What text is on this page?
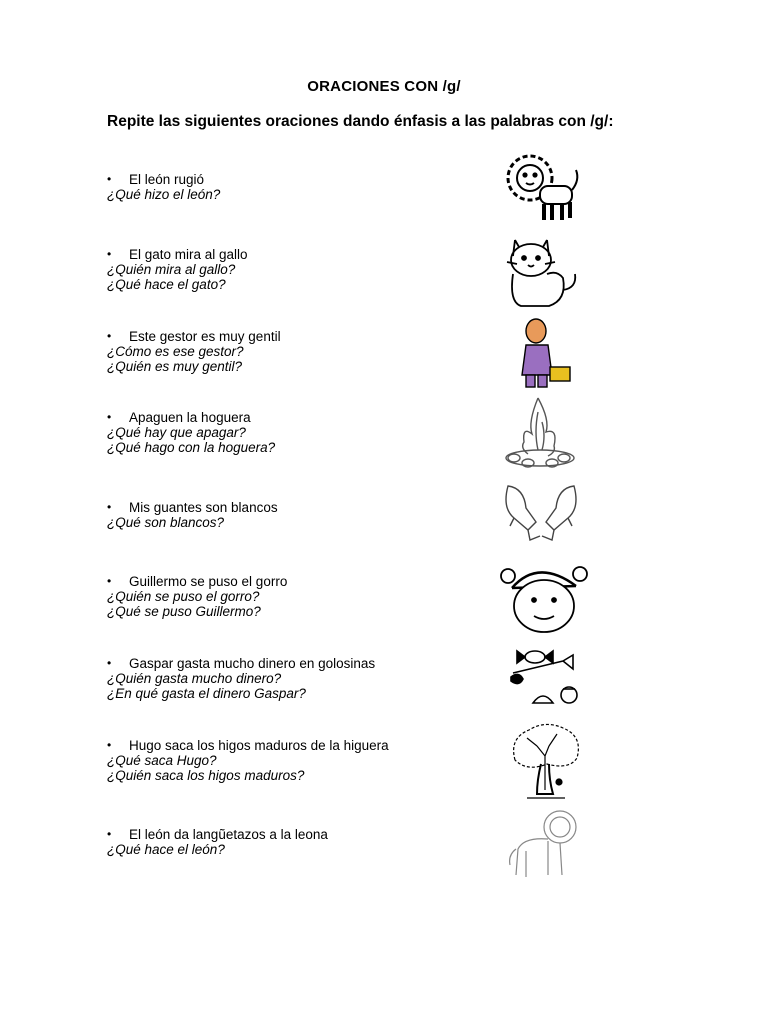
ORACIONES CON /g/
Repite las siguientes oraciones dando énfasis a las palabras con /g/:
•	El león rugió
¿Qué hizo el león?
•	El gato mira al gallo
¿Quién mira al gallo?
¿Qué hace el gato?
•	Este gestor es muy gentil
¿Cómo es ese gestor?
¿Quién es muy gentil?
•	Apaguen la hoguera
¿Qué hay que apagar?
¿Qué hago con la hoguera?
•	Mis guantes son blancos
¿Qué son blancos?
•	Guillermo se puso el gorro
¿Quién se puso el gorro?
¿Qué se puso Guillermo?
•	Gaspar gasta mucho dinero en golosinas
¿Quién gasta mucho dinero?
¿En qué gasta el dinero Gaspar?
•	Hugo saca los higos maduros de la higuera
¿Qué saca Hugo?
¿Quién saca los higos maduros?
•	El león da langũetazos a la leona
¿Qué hace el león?
